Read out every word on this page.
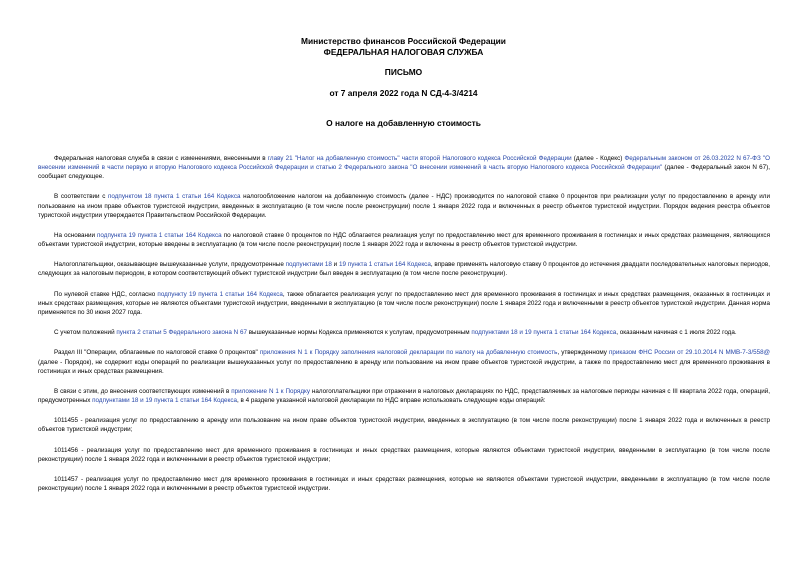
Министерство финансов Российской Федерации
ФЕДЕРАЛЬНАЯ НАЛОГОВАЯ СЛУЖБА
ПИСЬМО
от 7 апреля 2022 года N СД-4-3/4214
О налоге на добавленную стоимость

Федеральная налоговая служба в связи с изменениями, внесенными в главу 21 "Налог на добавленную стоимость" части второй Налогового кодекса Российской Федерации (далее - Кодекс) Федеральным законом от 26.03.2022 N 67-ФЗ "О внесении изменений в части первую и вторую Налогового кодекса Российской Федерации и статью 2 Федерального закона "О внесении изменений в часть вторую Налогового кодекса Российской Федерации" (далее - Федеральный закон N 67), сообщает следующее.

В соответствии с подпунктом 18 пункта 1 статьи 164 Кодекса налогообложение налогом на добавленную стоимость (далее - НДС) производится по налоговой ставке 0 процентов при реализации услуг по предоставлению в аренду или пользование на ином праве объектов туристской индустрии, введенных в эксплуатацию (в том числе после реконструкции) после 1 января 2022 года и включенных в реестр объектов туристской индустрии. Порядок ведения реестра объектов туристской индустрии утверждается Правительством Российской Федерации.

На основании подпункта 19 пункта 1 статьи 164 Кодекса по налоговой ставке 0 процентов по НДС облагается реализация услуг по предоставлению мест для временного проживания в гостиницах и иных средствах размещения, являющихся объектами туристской индустрии, которые введены в эксплуатацию (в том числе после реконструкции) после 1 января 2022 года и включены в реестр объектов туристской индустрии.

Налогоплательщики, оказывающие вышеуказанные услуги, предусмотренные подпунктами 18 и 19 пункта 1 статьи 164 Кодекса, вправе применять налоговую ставку 0 процентов до истечения двадцати последовательных налоговых периодов, следующих за налоговым периодом, в котором соответствующий объект туристской индустрии был введен в эксплуатацию (в том числе после реконструкции).

По нулевой ставке НДС, согласно подпункту 19 пункта 1 статьи 164 Кодекса, также облагается реализация услуг по предоставлению мест для временного проживания в гостиницах и иных средствах размещения, оказанных в гостиницах и иных средствах размещения, которые не являются объектами туристской индустрии, введенными в эксплуатацию (в том числе после реконструкции) после 1 января 2022 года и включенными в реестр объектов туристской индустрии. Данная норма применяется по 30 июня 2027 года.

С учетом положений пункта 2 статьи 5 Федерального закона N 67 вышеуказанные нормы Кодекса применяются к услугам, предусмотренным подпунктами 18 и 19 пункта 1 статьи 164 Кодекса, оказанным начиная с 1 июля 2022 года.

Раздел III "Операции, облагаемые по налоговой ставке 0 процентов" приложения N 1 к Порядку заполнения налоговой декларации по налогу на добавленную стоимость, утвержденному приказом ФНС России от 29.10.2014 N ММВ-7-3/558@ (далее - Порядок), не содержит коды операций по реализации вышеуказанных услуг по предоставлению в аренду или пользование на ином праве объектов туристской индустрии, а также по предоставлению мест для временного проживания в гостиницах и иных средствах размещения.

В связи с этим, до внесения соответствующих изменений в приложение N 1 к Порядку налогоплательщики при отражении в налоговых декларациях по НДС, представляемых за налоговые периоды начиная с III квартала 2022 года, операций, предусмотренных подпунктами 18 и 19 пункта 1 статьи 164 Кодекса, в 4 разделе указанной налоговой декларации по НДС вправе использовать следующие коды операций:

1011455 - реализация услуг по предоставлению в аренду или пользование на ином праве объектов туристской индустрии, введенных в эксплуатацию (в том числе после реконструкции) после 1 января 2022 года и включенных в реестр объектов туристской индустрии;

1011456 - реализация услуг по предоставлению мест для временного проживания в гостиницах и иных средствах размещения, которые являются объектами туристской индустрии, введенными в эксплуатацию (в том числе после реконструкции) после 1 января 2022 года и включенными в реестр объектов туристской индустрии;

1011457 - реализация услуг по предоставлению мест для временного проживания в гостиницах и иных средствах размещения, которые не являются объектами туристской индустрии, введенными в эксплуатацию (в том числе после реконструкции) после 1 января 2022 года и включенными в реестр объектов туристской индустрии.
